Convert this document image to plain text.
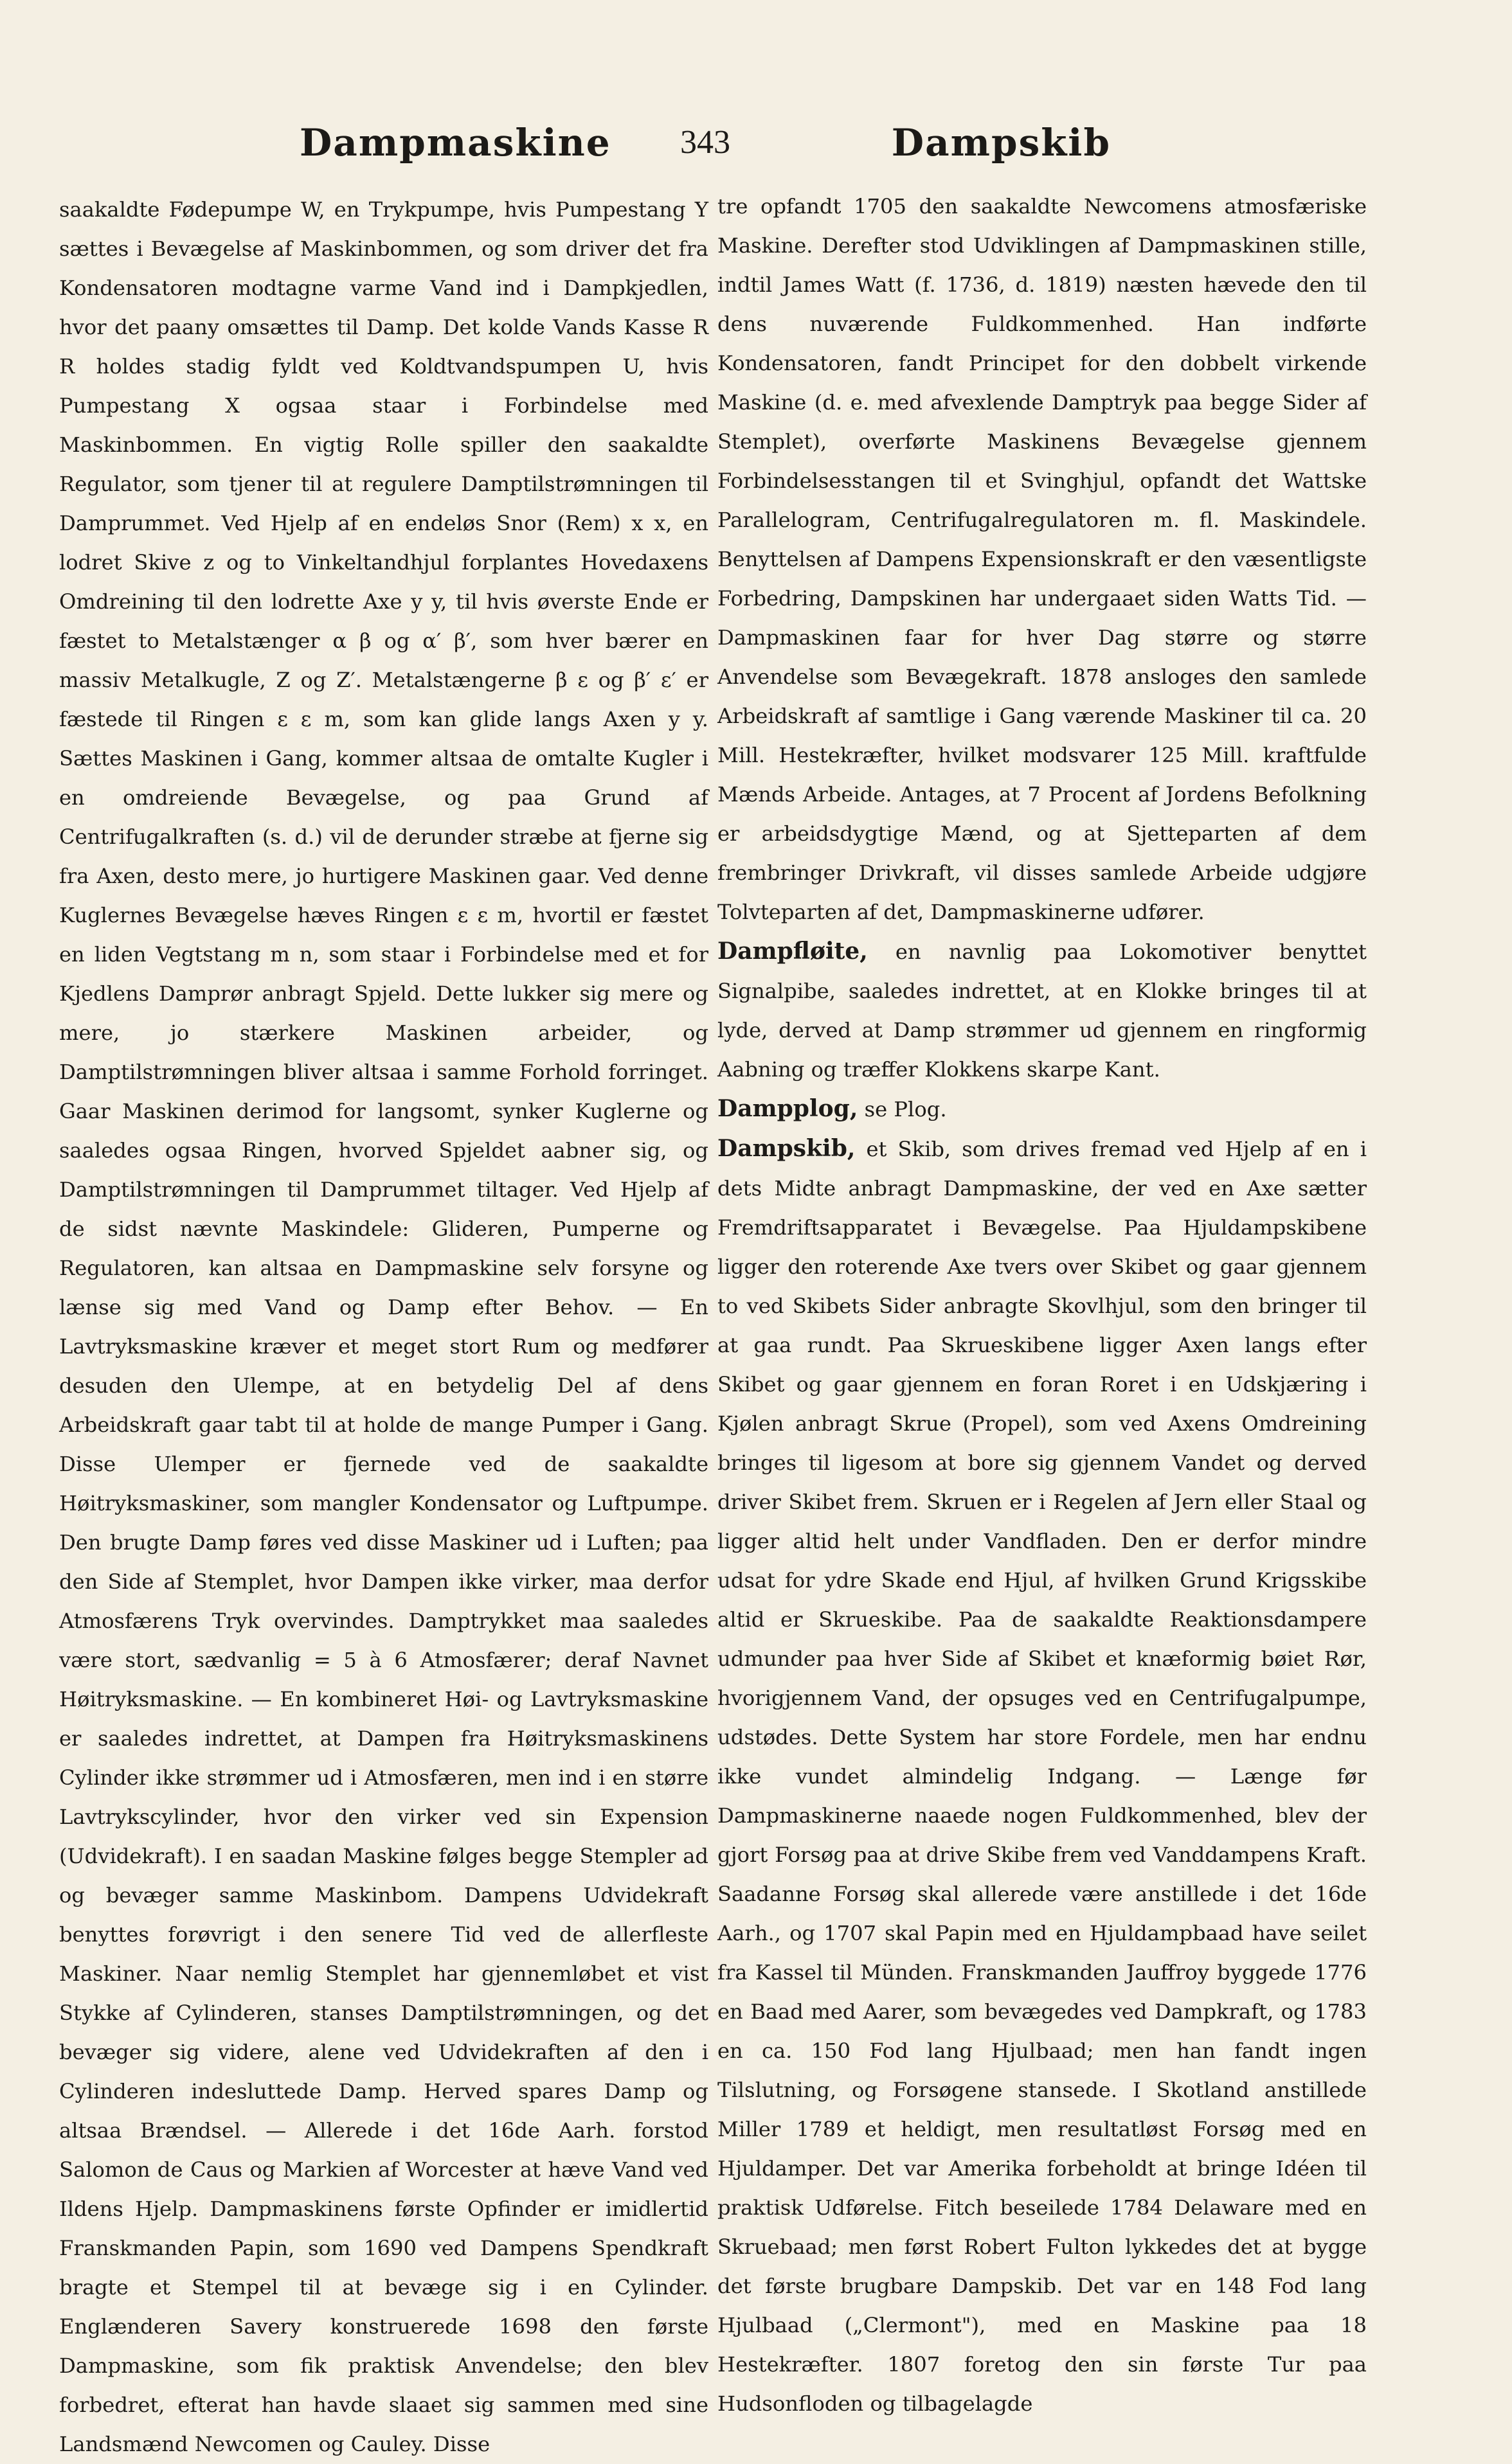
Dampmaskine	343	Dampskib

saakaldte Fødepumpe W, en Trykpumpe, hvis Pumpestang Y sættes i Bevægelse af Maskinbommen, og som driver det fra Kondensatoren modtagne varme Vand ind i Dampkjedlen, hvor det paany omsættes til Damp. Det kolde Vands Kasse R R holdes stadig fyldt ved Koldtvandspumpen U, hvis Pumpestang X ogsaa staar i Forbindelse med Maskinbommen. En vigtig Rolle spiller den saakaldte Regulator, som tjener til at regulere Damptilstrømningen til Damprummet. Ved Hjelp af en endeløs Snor (Rem) x x, en lodret Skive z og to Vinkeltandhjul forplantes Hovedaxens Omdreining til den lodrette Axe y y, til hvis øverste Ende er fæstet to Metalstænger α β og α′ β′, som hver bærer en massiv Metalkugle, Z og Z′. Metalstængerne β ε og β′ ε′ er fæstede til Ringen ε ε m, som kan glide langs Axen y y. Sættes Maskinen i Gang, kommer altsaa de omtalte Kugler i en omdreiende Bevægelse, og paa Grund af Centrifugalkraften (s. d.) vil de derunder stræbe at fjerne sig fra Axen, desto mere, jo hurtigere Maskinen gaar. Ved denne Kuglernes Bevægelse hæves Ringen ε ε m, hvortil er fæstet en liden Vegtstang m n, som staar i Forbindelse med et for Kjedlens Damprør anbragt Spjeld. Dette lukker sig mere og mere, jo stærkere Maskinen arbeider, og Damptilstrømningen bliver altsaa i samme Forhold forringet. Gaar Maskinen derimod for langsomt, synker Kuglerne og saaledes ogsaa Ringen, hvorved Spjeldet aabner sig, og Damptilstrømningen til Damprummet tiltager. Ved Hjelp af de sidst nævnte Maskindele: Glideren, Pumperne og Regulatoren, kan altsaa en Dampmaskine selv forsyne og lænse sig med Vand og Damp efter Behov. — En Lavtryksmaskine kræver et meget stort Rum og medfører desuden den Ulempe, at en betydelig Del af dens Arbeidskraft gaar tabt til at holde de mange Pumper i Gang. Disse Ulemper er fjernede ved de saakaldte Høitryksmaskiner, som mangler Kondensator og Luftpumpe. Den brugte Damp føres ved disse Maskiner ud i Luften; paa den Side af Stemplet, hvor Dampen ikke virker, maa derfor Atmosfærens Tryk overvindes. Damptrykket maa saaledes være stort, sædvanlig = 5 à 6 Atmosfærer; deraf Navnet Høitryksmaskine. — En kombineret Høi- og Lavtryksmaskine er saaledes indrettet, at Dampen fra Høitryksmaskinens Cylinder ikke strømmer ud i Atmosfæren, men ind i en større Lavtrykscylinder, hvor den virker ved sin Expension (Udvidekraft). I en saadan Maskine følges begge Stempler ad og bevæger samme Maskinbom. Dampens Udvidekraft benyttes forøvrigt i den senere Tid ved de allerfleste Maskiner. Naar nemlig Stemplet har gjennemløbet et vist Stykke af Cylinderen, stanses Damptilstrømningen, og det bevæger sig videre, alene ved Udvidekraften af den i Cylinderen indesluttede Damp. Herved spares Damp og altsaa Brændsel. — Allerede i det 16de Aarh. forstod Salomon de Caus og Markien af Worcester at hæve Vand ved Ildens Hjelp. Dampmaskinens første Opfinder er imidlertid Franskmanden Papin, som 1690 ved Dampens Spendkraft bragte et Stempel til at bevæge sig i en Cylinder. Englænderen Savery konstruerede 1698 den første Dampmaskine, som fik praktisk Anvendelse; den blev forbedret, efterat han havde slaaet sig sammen med sine Landsmænd Newcomen og Cauley. Disse

tre opfandt 1705 den saakaldte Newcomens atmosfæriske Maskine. Derefter stod Udviklingen af Dampmaskinen stille, indtil James Watt (f. 1736, d. 1819) næsten hævede den til dens nuværende Fuldkommenhed. Han indførte Kondensatoren, fandt Principet for den dobbelt virkende Maskine (d. e. med afvexlende Damptryk paa begge Sider af Stemplet), overførte Maskinens Bevægelse gjennem Forbindelsesstangen til et Svinghjul, opfandt det Wattske Parallelogram, Centrifugalregulatoren m. fl. Maskindele. Benyttelsen af Dampens Expensionskraft er den væsentligste Forbedring, Dampskinen har undergaaet siden Watts Tid. — Dampmaskinen faar for hver Dag større og større Anvendelse som Bevægekraft. 1878 ansloges den samlede Arbeidskraft af samtlige i Gang værende Maskiner til ca. 20 Mill. Hestekræfter, hvilket modsvarer 125 Mill. kraftfulde Mænds Arbeide. Antages, at 7 Procent af Jordens Befolkning er arbeidsdygtige Mænd, og at Sjetteparten af dem frembringer Drivkraft, vil disses samlede Arbeide udgjøre Tolvteparten af det, Dampmaskinerne udfører.

Dampfløite, en navnlig paa Lokomotiver benyttet Signalpibe, saaledes indrettet, at en Klokke bringes til at lyde, derved at Damp strømmer ud gjennem en ringformig Aabning og træffer Klokkens skarpe Kant.

Dampplog, se Plog.

Dampskib, et Skib, som drives fremad ved Hjelp af en i dets Midte anbragt Dampmaskine, der ved en Axe sætter Fremdriftsapparatet i Bevægelse. Paa Hjuldampskibene ligger den roterende Axe tvers over Skibet og gaar gjennem to ved Skibets Sider anbragte Skovlhjul, som den bringer til at gaa rundt. Paa Skrueskibene ligger Axen langs efter Skibet og gaar gjennem en foran Roret i en Udskjæring i Kjølen anbragt Skrue (Propel), som ved Axens Omdreining bringes til ligesom at bore sig gjennem Vandet og derved driver Skibet frem. Skruen er i Regelen af Jern eller Staal og ligger altid helt under Vandfladen. Den er derfor mindre udsat for ydre Skade end Hjul, af hvilken Grund Krigsskibe altid er Skrueskibe. Paa de saakaldte Reaktionsdampere udmunder paa hver Side af Skibet et knæformig bøiet Rør, hvorigjennem Vand, der opsuges ved en Centrifugalpumpe, udstødes. Dette System har store Fordele, men har endnu ikke vundet almindelig Indgang. — Længe før Dampmaskinerne naaede nogen Fuldkommenhed, blev der gjort Forsøg paa at drive Skibe frem ved Vanddampens Kraft. Saadanne Forsøg skal allerede være anstillede i det 16de Aarh., og 1707 skal Papin med en Hjuldampbaad have seilet fra Kassel til Münden. Franskmanden Jauffroy byggede 1776 en Baad med Aarer, som bevægedes ved Dampkraft, og 1783 en ca. 150 Fod lang Hjulbaad; men han fandt ingen Tilslutning, og Forsøgene stansede. I Skotland anstillede Miller 1789 et heldigt, men resultatløst Forsøg med en Hjuldamper. Det var Amerika forbeholdt at bringe Idéen til praktisk Udførelse. Fitch beseilede 1784 Delaware med en Skruebaad; men først Robert Fulton lykkedes det at bygge det første brugbare Dampskib. Det var en 148 Fod lang Hjulbaad („Clermont"), med en Maskine paa 18 Hestekræfter. 1807 foretog den sin første Tur paa Hudsonfloden og tilbagelagde
